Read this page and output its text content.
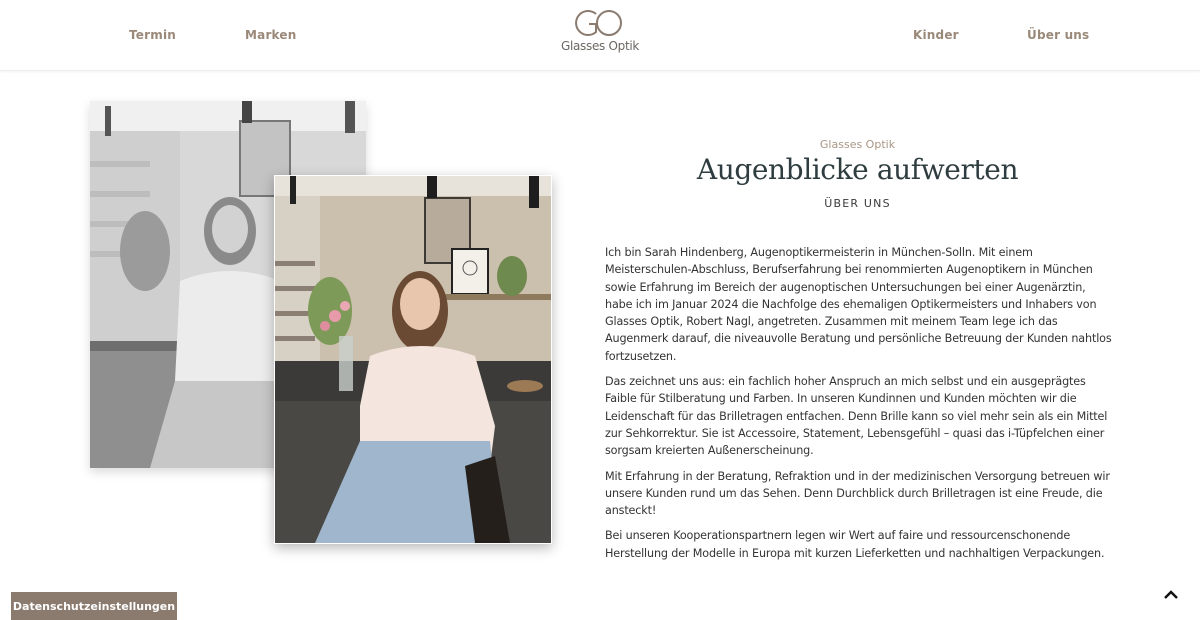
Termin	Marken
Glasses Optik
Kinder	Über uns
Glasses Optik
Augenblicke aufwerten
ÜBER UNS

Ich bin Sarah Hindenberg, Augenoptikermeisterin in München-Solln. Mit einem Meisterschulen-Abschluss, Berufserfahrung bei renommierten Augenoptikern in München sowie Erfahrung im Bereich der augenoptischen Untersuchungen bei einer Augenärztin, habe ich im Januar 2024 die Nachfolge des ehemaligen Optikermeisters und Inhabers von Glasses Optik, Robert Nagl, angetreten. Zusammen mit meinem Team lege ich das Augenmerk darauf, die niveauvolle Beratung und persönliche Betreuung der Kunden nahtlos fortzusetzen.

Das zeichnet uns aus: ein fachlich hoher Anspruch an mich selbst und ein ausgeprägtes Faible für Stilberatung und Farben. In unseren Kundinnen und Kunden möchten wir die Leidenschaft für das Brilletragen entfachen. Denn Brille kann so viel mehr sein als ein Mittel zur Sehkorrektur. Sie ist Accessoire, Statement, Lebensgefühl – quasi das i-Tüpfelchen einer sorgsam kreierten Außenerscheinung.

Mit Erfahrung in der Beratung, Refraktion und in der medizinischen Versorgung betreuen wir unsere Kunden rund um das Sehen. Denn Durchblick durch Brilletragen ist eine Freude, die ansteckt!

Bei unseren Kooperationspartnern legen wir Wert auf faire und ressourcenschonende Herstellung der Modelle in Europa mit kurzen Lieferketten und nachhaltigen Verpackungen.

Datenschutzeinstellungen
